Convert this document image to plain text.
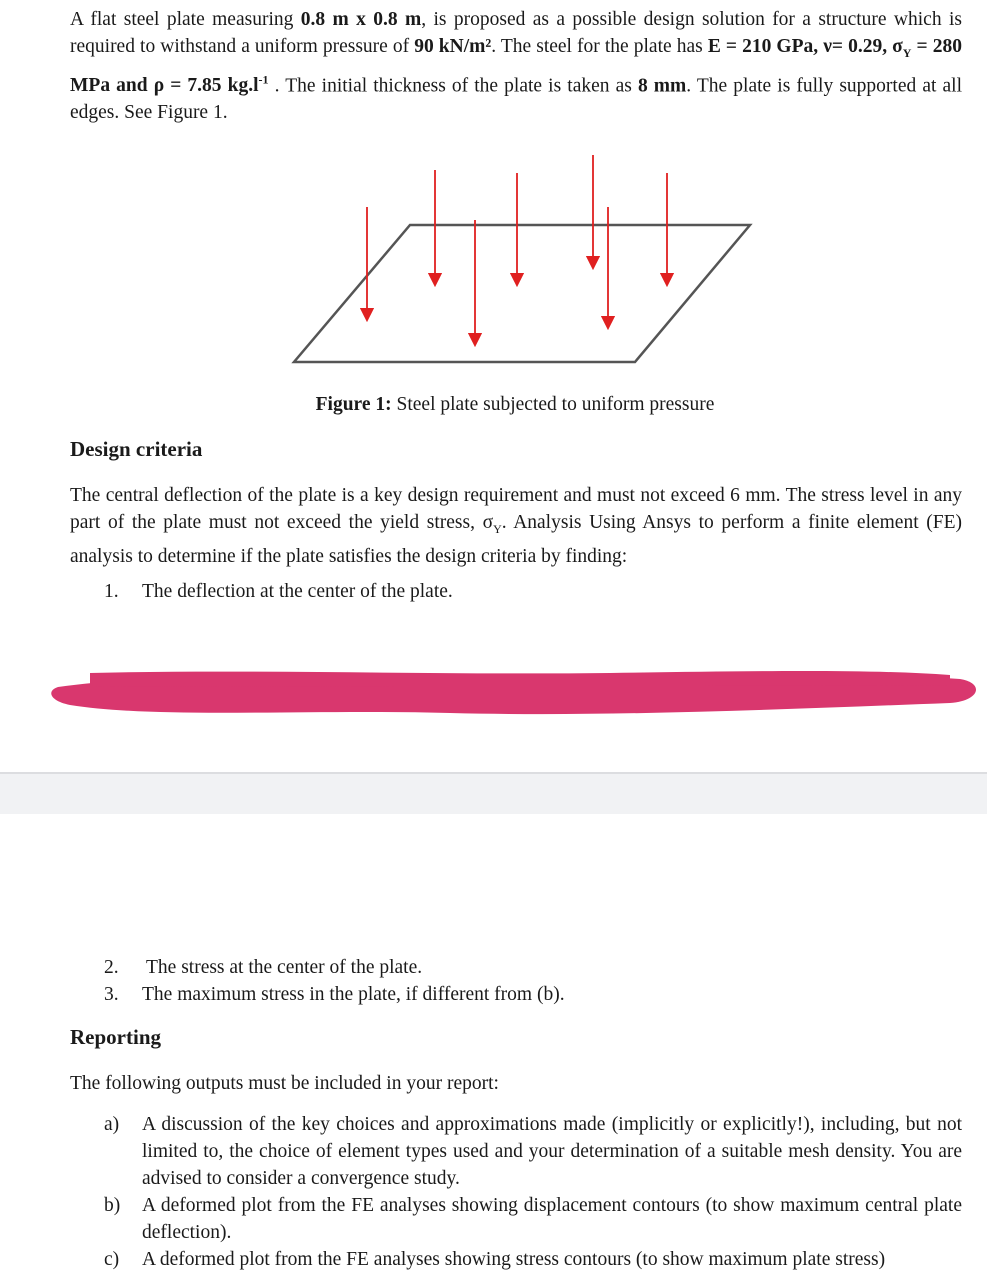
A flat steel plate measuring 0.8 m x 0.8 m, is proposed as a possible design solution for a structure which is required to withstand a uniform pressure of 90 kN/m². The steel for the plate has E = 210 GPa, ν= 0.29, $\sigma_Y = 280$ MPa and ρ = 7.85 $kg.l^{-1}$ . The initial thickness of the plate is taken as 8 mm. The plate is fully supported at all edges. See Figure 1.
Figure 1: Steel plate subjected to uniform pressure
Design criteria
The central deflection of the plate is a key design requirement and must not exceed 6 mm. The stress level in any part of the plate must not exceed the yield stress, $\sigma_Y$. Analysis Using Ansys to perform a finite element (FE) analysis to determine if the plate satisfies the design criteria by finding:
1.	The deflection at the center of the plate.
2.	The stress at the center of the plate.
3.	The maximum stress in the plate, if different from (b).
Reporting
The following outputs must be included in your report:
a) A discussion of the key choices and approximations made (implicitly or explicitly!), including, but not limited to, the choice of element types used and your determination of a suitable mesh density. You are advised to consider a convergence study.
b) A deformed plot from the FE analyses showing displacement contours (to show maximum central plate deflection).
c) A deformed plot from the FE analyses showing stress contours (to show maximum plate stress)
